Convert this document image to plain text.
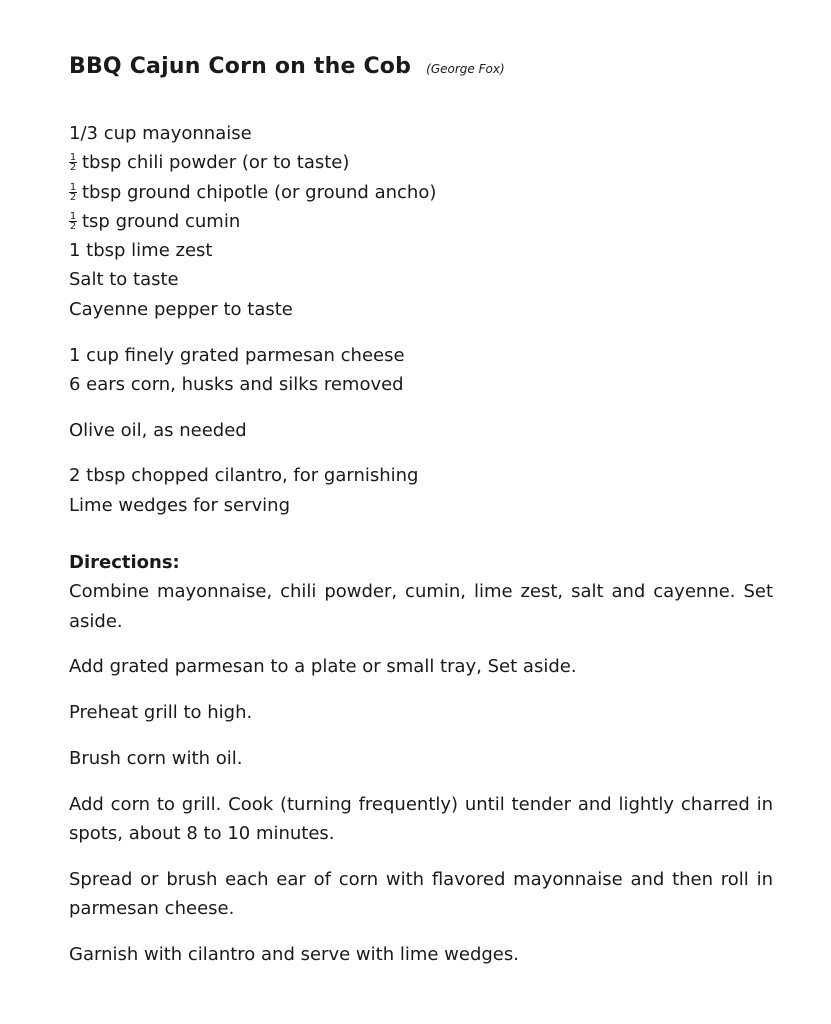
BBQ Cajun Corn on the Cob (George Fox)
1/3 cup mayonnaise
$\frac{1}{2}$ tbsp chili powder (or to taste)
$\frac{1}{2}$ tbsp ground chipotle (or ground ancho)
$\frac{1}{2}$ tsp ground cumin
1 tbsp lime zest
Salt to taste
Cayenne pepper to taste
1 cup finely grated parmesan cheese
6 ears corn, husks and silks removed
Olive oil, as needed
2 tbsp chopped cilantro, for garnishing
Lime wedges for serving
Directions:
Combine mayonnaise, chili powder, cumin, lime zest, salt and cayenne. Set aside.
Add grated parmesan to a plate or small tray, Set aside.
Preheat grill to high.
Brush corn with oil.
Add corn to grill. Cook (turning frequently) until tender and lightly charred in spots, about 8 to 10 minutes.
Spread or brush each ear of corn with flavored mayonnaise and then roll in parmesan cheese.
Garnish with cilantro and serve with lime wedges.
